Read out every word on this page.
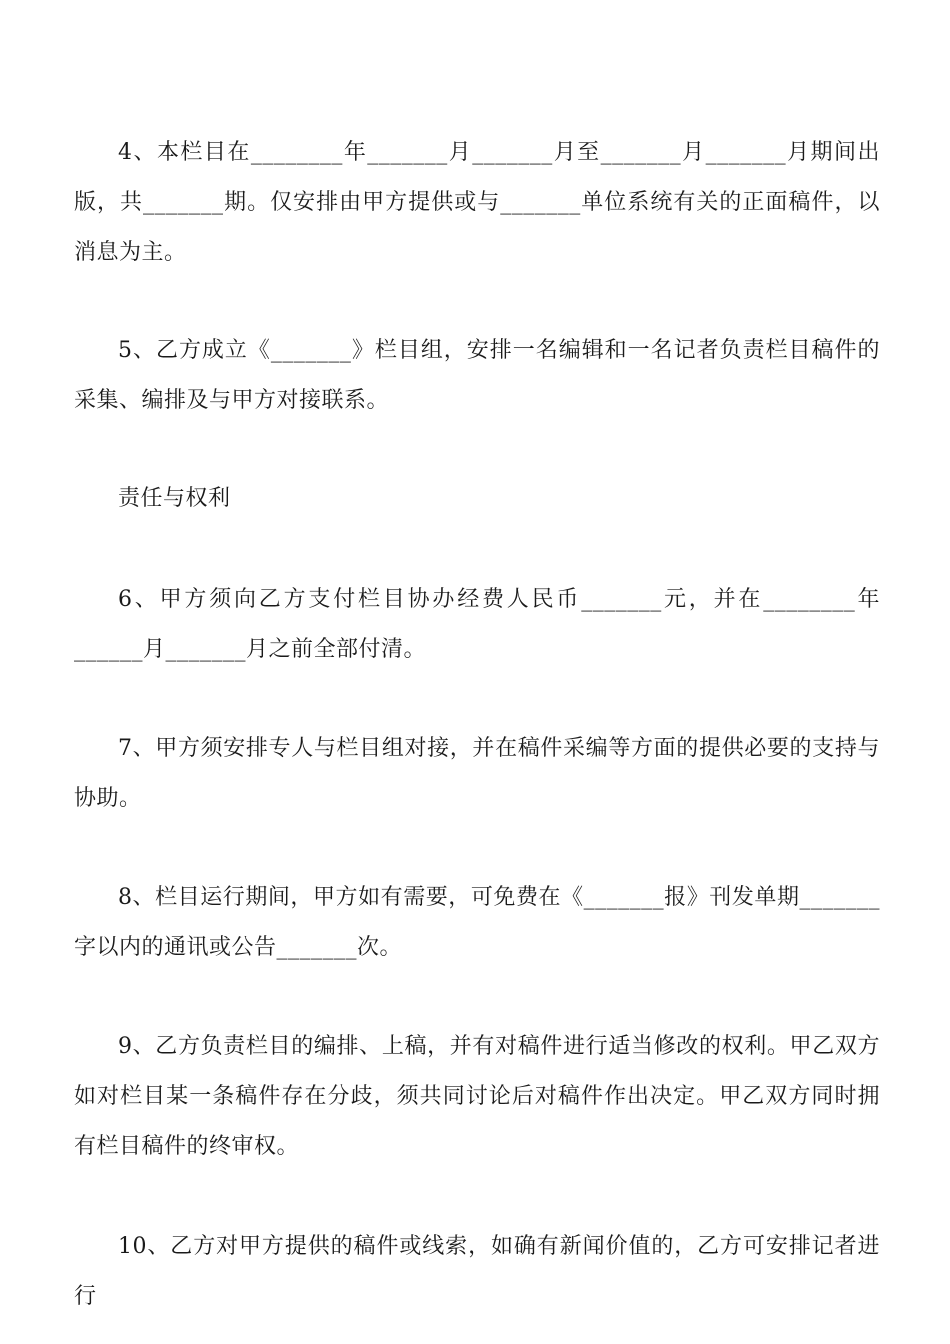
4、本栏目在________年_______月_______月至_______月_______月期间出版，共_______期。仅安排由甲方提供或与_______单位系统有关的正面稿件，以消息为主。

5、乙方成立《_______》栏目组，安排一名编辑和一名记者负责栏目稿件的采集、编排及与甲方对接联系。

责任与权利

6、甲方须向乙方支付栏目协办经费人民币_______元，并在________年______月_______月之前全部付清。

7、甲方须安排专人与栏目组对接，并在稿件采编等方面的提供必要的支持与协助。

8、栏目运行期间，甲方如有需要，可免费在《_______报》刊发单期_______字以内的通讯或公告_______次。

9、乙方负责栏目的编排、上稿，并有对稿件进行适当修改的权利。甲乙双方如对栏目某一条稿件存在分歧，须共同讨论后对稿件作出决定。甲乙双方同时拥有栏目稿件的终审权。

10、乙方对甲方提供的稿件或线索，如确有新闻价值的，乙方可安排记者进行
